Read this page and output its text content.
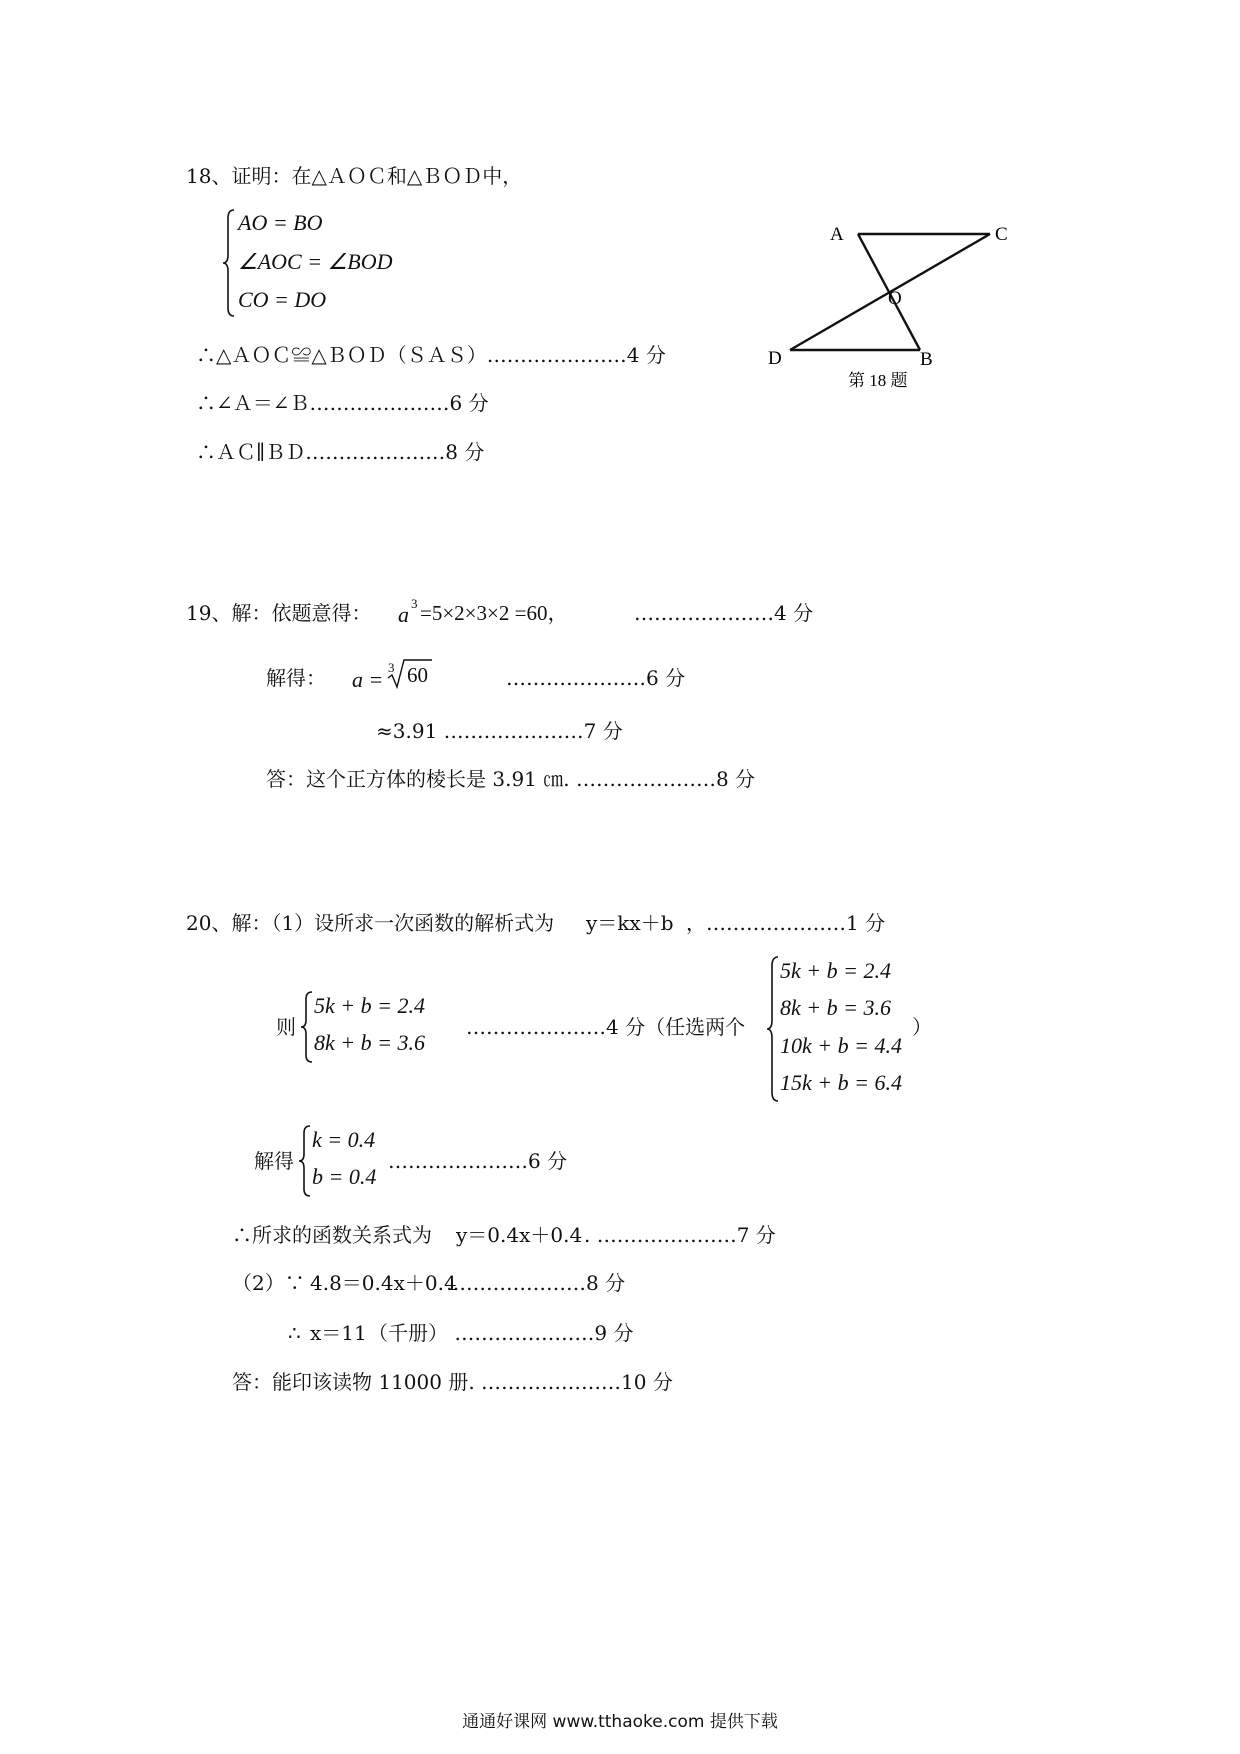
18、证明：在△ＡＯＣ和△ＢＯＤ中，
AO = BO
∠AOC = ∠BOD
CO = DO
∴△ＡＯＣ≌△ＢＯＤ（ＳＡＳ）…………………4 分
∴∠Ａ＝∠Ｂ…………………6 分
∴ＡＣ∥ＢＤ…………………8 分
A	C
O
D	B
第 18 题
19、解：依题意得： a 3 =5×2×3×2 =60，	…………………4 分
解得： a = 3 60	…………………6 分
≈3.91 …………………7 分
答：这个正方体的棱长是 3.91 ㎝. …………………8 分
20、解：（1）设所求一次函数的解析式为 y＝kx＋b ，…………………1 分
则
5k + b = 2.4
8k + b = 3.6
…………………4 分（任选两个
5k + b = 2.4
8k + b = 3.6
10k + b = 4.4
15k + b = 6.4
）
解得
k = 0.4
b = 0.4
…………………6 分
∴所求的函数关系式为 y＝0.4x＋0.4 . …………………7 分
（2）∵ 4.8＝0.4x＋0.4
…………………8 分
∴ x＝11 （千册） …………………9 分
答：能印该读物 11000 册. …………………10 分
通通好课网 www.tthaoke.com 提供下载
